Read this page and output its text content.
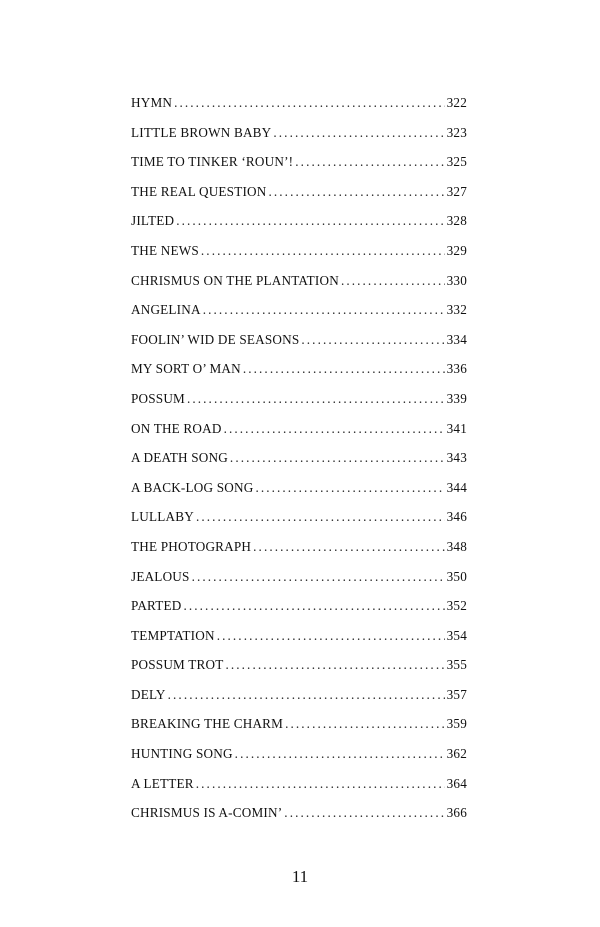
HYMN . . .	322
LITTLE BROWN BABY . . .	323
TIME TO TINKER ‘ROUN’! . . .	325
THE REAL QUESTION . . .	327
JILTED . . .	328
THE NEWS . . .	329
CHRISMUS ON THE PLANTATION . . .	330
ANGELINA . . .	332
FOOLIN’ WID DE SEASONS . . .	334
MY SORT O’ MAN . . .	336
POSSUM . . .	339
ON THE ROAD . . .	341
A DEATH SONG . . .	343
A BACK-LOG SONG . . .	344
LULLABY . . .	346
THE PHOTOGRAPH . . .	348
JEALOUS . . .	350
PARTED . . .	352
TEMPTATION . . .	354
POSSUM TROT . . .	355
DELY . . .	357
BREAKING THE CHARM . . .	359
HUNTING SONG . . .	362
A LETTER . . .	364
CHRISMUS IS A-COMIN’ . . .	366
11
